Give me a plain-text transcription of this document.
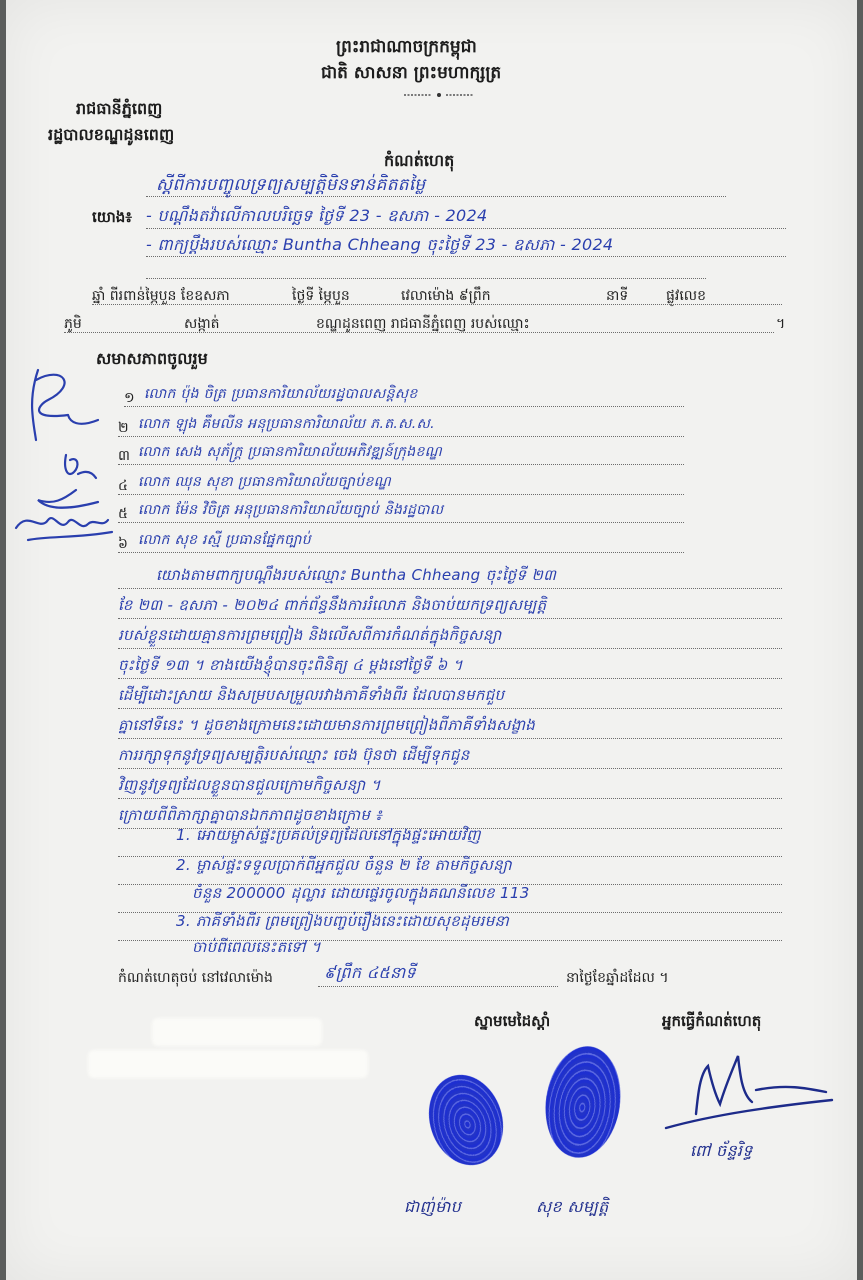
ព្រះរាជាណាចក្រកម្ពុជា
ជាតិ សាសនា ព្រះមហាក្សត្រ
រាជធានីភ្នំពេញ
រដ្ឋបាលខណ្ឌដូនពេញ
កំណត់ហេតុ
ស្តីពីការបញ្ចូលទ្រព្យសម្បត្តិមិនទាន់គិតតម្លៃ
យោង៖ - បណ្តឹងតវ៉ាលើកាលបរិច្ឆេទ ថ្ងៃទី 23 - ឧសភា - 2024
- ពាក្យប្តឹងរបស់ឈ្មោះ Buntha Chheang ចុះថ្ងៃទី 23 - ឧសភា - 2024
ឆ្នាំ ពីរពាន់ម្ភៃបួន ខែឧសភា	ថ្ងៃទី ម្ភៃបួន	វេលាម៉ោង ៩ព្រឹក	នាទី	ផ្លូវលេខ
ភូមិ	សង្កាត់	ខណ្ឌដូនពេញ រាជធានីភ្នំពេញ របស់ឈ្មោះ	។
សមាសភាពចូលរួម
១ លោក ប៉ុង ចិត្រ ប្រធានការិយាល័យរដ្ឋបាលសន្តិសុខ
២ លោក ឡុង គឹមលីន អនុប្រធានការិយាល័យ ភ.ត.ស.ស.
៣ លោក សេង សុភ័ក្ត្រ ប្រធានការិយាល័យអភិវឌ្ឍន៍ក្រុងខណ្ឌ
៤ លោក ឈុន សុខា ប្រធានការិយាល័យច្បាប់ខណ្ឌ
៥ លោក ម៉ែន វិចិត្រ អនុប្រធានការិយាល័យច្បាប់ និងរដ្ឋបាល
៦ លោក សុខ រស្មី ប្រធានផ្នែកច្បាប់
យោងតាមពាក្យបណ្តឹងរបស់ឈ្មោះ Buntha Chheang ចុះថ្ងៃទី ២៣
ខែ ២៣ - ឧសភា - ២០២៤ ពាក់ព័ន្ធនឹងការរំលោភ និងចាប់យកទ្រព្យសម្បត្តិ
របស់ខ្លួនដោយគ្មានការព្រមព្រៀង និងលើសពីការកំណត់ក្នុងកិច្ចសន្យា
ចុះថ្ងៃទី ១៣ ។ ខាងយើងខ្ញុំបានចុះពិនិត្យ ៤ ម្តងនៅថ្ងៃទី ៦ ។
ដើម្បីដោះស្រាយ និងសម្របសម្រួលរវាងភាគីទាំងពីរ ដែលបានមកជួប
គ្នានៅទីនេះ ។ ដូចខាងក្រោមនេះដោយមានការព្រមព្រៀងពីភាគីទាំងសង្ខាង
ការរក្សាទុកនូវទ្រព្យសម្បត្តិរបស់ឈ្មោះ ចេង ប៊ុនថា ដើម្បីទុកជូន
វិញនូវទ្រព្យដែលខ្លួនបានជួលក្រោមកិច្ចសន្យា ។
ក្រោយពីពិភាក្សាគ្នាបានឯកភាពដូចខាងក្រោម ៖
1. អោយម្ចាស់ផ្ទះប្រគល់ទ្រព្យដែលនៅក្នុងផ្ទះអោយវិញ
2. ម្ចាស់ផ្ទះទទួលប្រាក់ពីអ្នកជួល ចំនួន ២ ខែ តាមកិច្ចសន្យា
ចំនួន 200000 ដុល្លារ ដោយផ្ទេរចូលក្នុងគណនីលេខ 113
3. ភាគីទាំងពីរ ព្រមព្រៀងបញ្ចប់រឿងនេះដោយសុខដុមរមនា
ចាប់ពីពេលនេះតទៅ ។
កំណត់ហេតុចប់ នៅវេលាម៉ោង	៩ព្រឹក ៤៥នាទី	នាថ្ងៃខែឆ្នាំដដែល ។
ស្នាមមេដៃស្តាំ	អ្នកធ្វើកំណត់ហេតុ
ជាញ់ម៉ាប	សុខ សម្បត្តិ
ពៅ ច័ន្ទរិទ្ធ
